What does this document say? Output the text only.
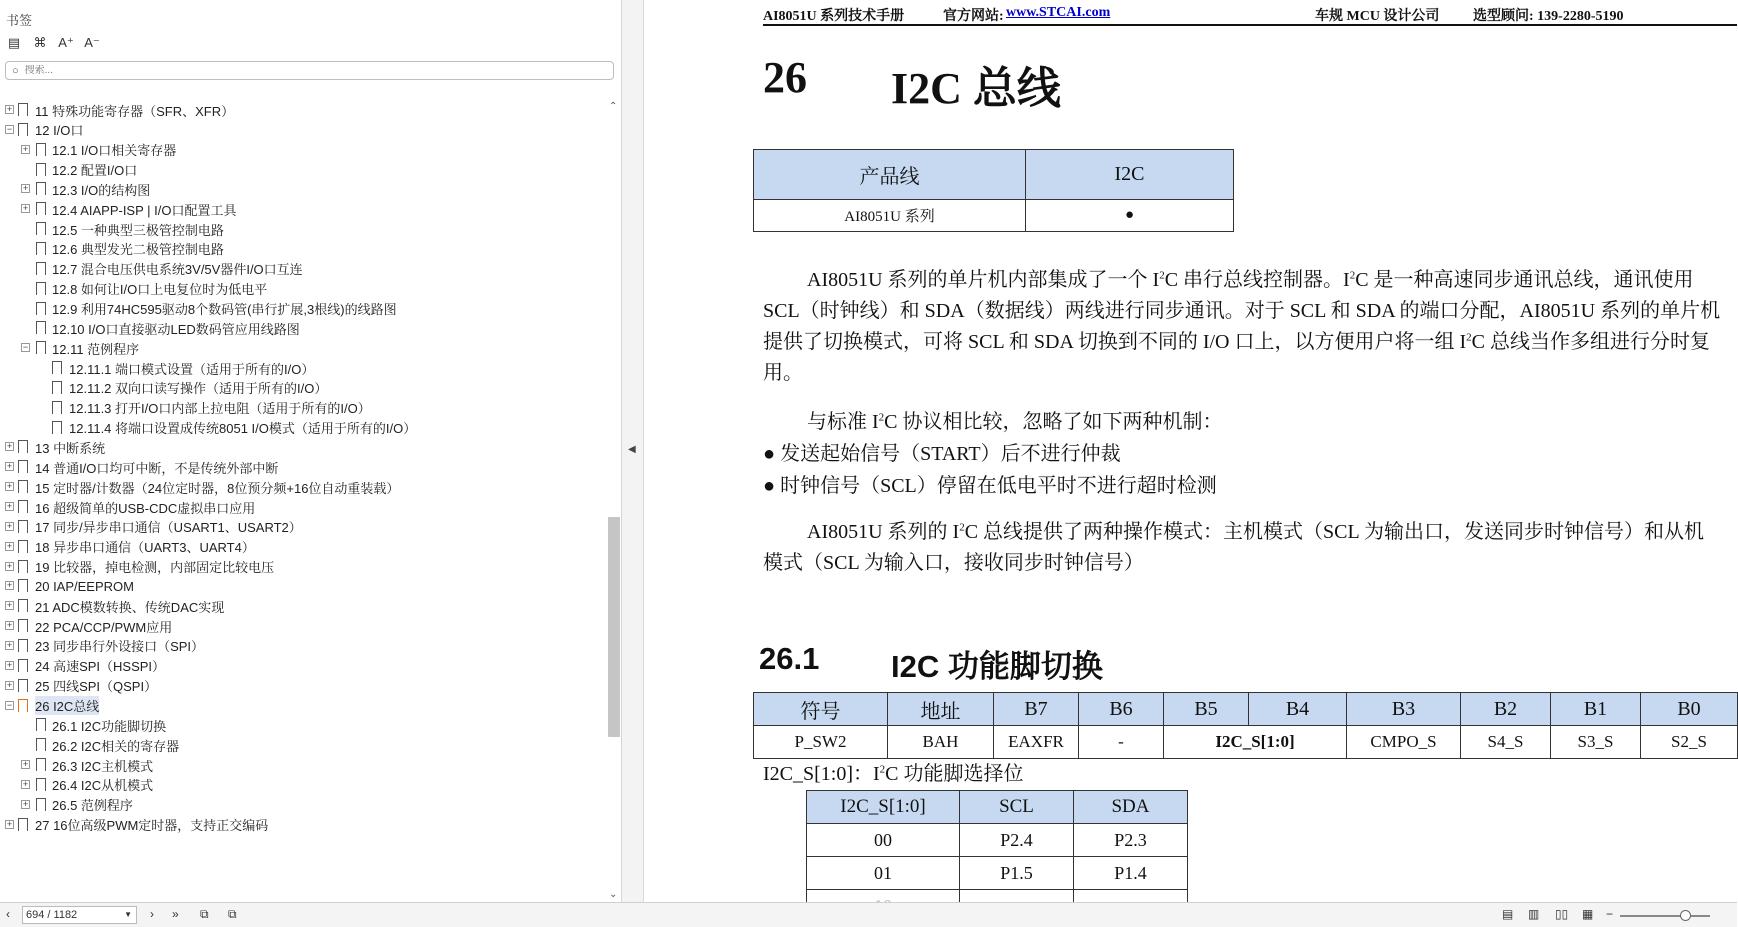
书签
▤ ⌘ A⁺ A⁻
○
搜索...
+ 11 特殊功能寄存器（SFR、XFR）
− 12 I/O口
+ 12.1 I/O口相关寄存器
12.2 配置I/O口
+ 12.3 I/O的结构图
+ 12.4 AIAPP-ISP | I/O口配置工具
12.5 一种典型三极管控制电路
12.6 典型发光二极管控制电路
12.7 混合电压供电系统3V/5V器件I/O口互连
12.8 如何让I/O口上电复位时为低电平
12.9 利用74HC595驱动8个数码管(串行扩展,3根线)的线路图
12.10 I/O口直接驱动LED数码管应用线路图
− 12.11 范例程序
12.11.1 端口模式设置（适用于所有的I/O）
12.11.2 双向口读写操作（适用于所有的I/O）
12.11.3 打开I/O口内部上拉电阻（适用于所有的I/O）
12.11.4 将端口设置成传统8051 I/O模式（适用于所有的I/O）
+ 13 中断系统
+ 14 普通I/O口均可中断，不是传统外部中断
+ 15 定时器/计数器（24位定时器，8位预分频+16位自动重装载）
+ 16 超级简单的USB-CDC虚拟串口应用
+ 17 同步/异步串口通信（USART1、USART2）
+ 18 异步串口通信（UART3、UART4）
+ 19 比较器，掉电检测，内部固定比较电压
+ 20 IAP/EEPROM
+ 21 ADC模数转换、传统DAC实现
+ 22 PCA/CCP/PWM应用
+ 23 同步串行外设接口（SPI）
+ 24 高速SPI（HSSPI）
+ 25 四线SPI（QSPI）
− 26 I2C总线
26.1 I2C功能脚切换
26.2 I2C相关的寄存器
+ 26.3 I2C主机模式
+ 26.4 I2C从机模式
+ 26.5 范例程序
+ 27 16位高级PWM定时器，支持正交编码
⌃
⌄
◀
AI8051U 系列技术手册	官方网站: www.STCAI.com	车规 MCU 设计公司 选型顾问: 139-2280-5190
26 I2C 总线
产品线	I2C
AI8051U 系列	●
AI8051U 系列的单片机内部集成了一个 $I^2C$ 串行总线控制器。$I^2C$ 是一种高速同步通讯总线，通讯使用 SCL（时钟线）和 SDA（数据线）两线进行同步通讯。对于 SCL 和 SDA 的端口分配，AI8051U 系列的单片机提供了切换模式，可将 SCL 和 SDA 切换到不同的 I/O 口上，以方便用户将一组 $I^2C$ 总线当作多组进行分时复用。
与标准 $I^2C$ 协议相比较，忽略了如下两种机制：
● 发送起始信号（START）后不进行仲裁
● 时钟信号（SCL）停留在低电平时不进行超时检测
AI8051U 系列的 $I^2C$ 总线提供了两种操作模式：主机模式（SCL 为输出口，发送同步时钟信号）和从机模式（SCL 为输入口，接收同步时钟信号）
26.1 I2C 功能脚切换
符号	地址	B7	B6	B5	B4	B3	B2	B1	B0
P_SW2	BAH	EAXFR	-	I2C_S[1:0]		CMPO_S	S4_S	S3_S	S2_S
I2C_S[1:0]：$I^2C$ 功能脚选择位
I2C_S[1:0]	SCL	SDA
00	P2.4	P2.3
01	P1.5	P1.4

‹	694 / 1182	▼ › » ⧉ ⧉	▤ ▥ ▯▯ ▦ −
